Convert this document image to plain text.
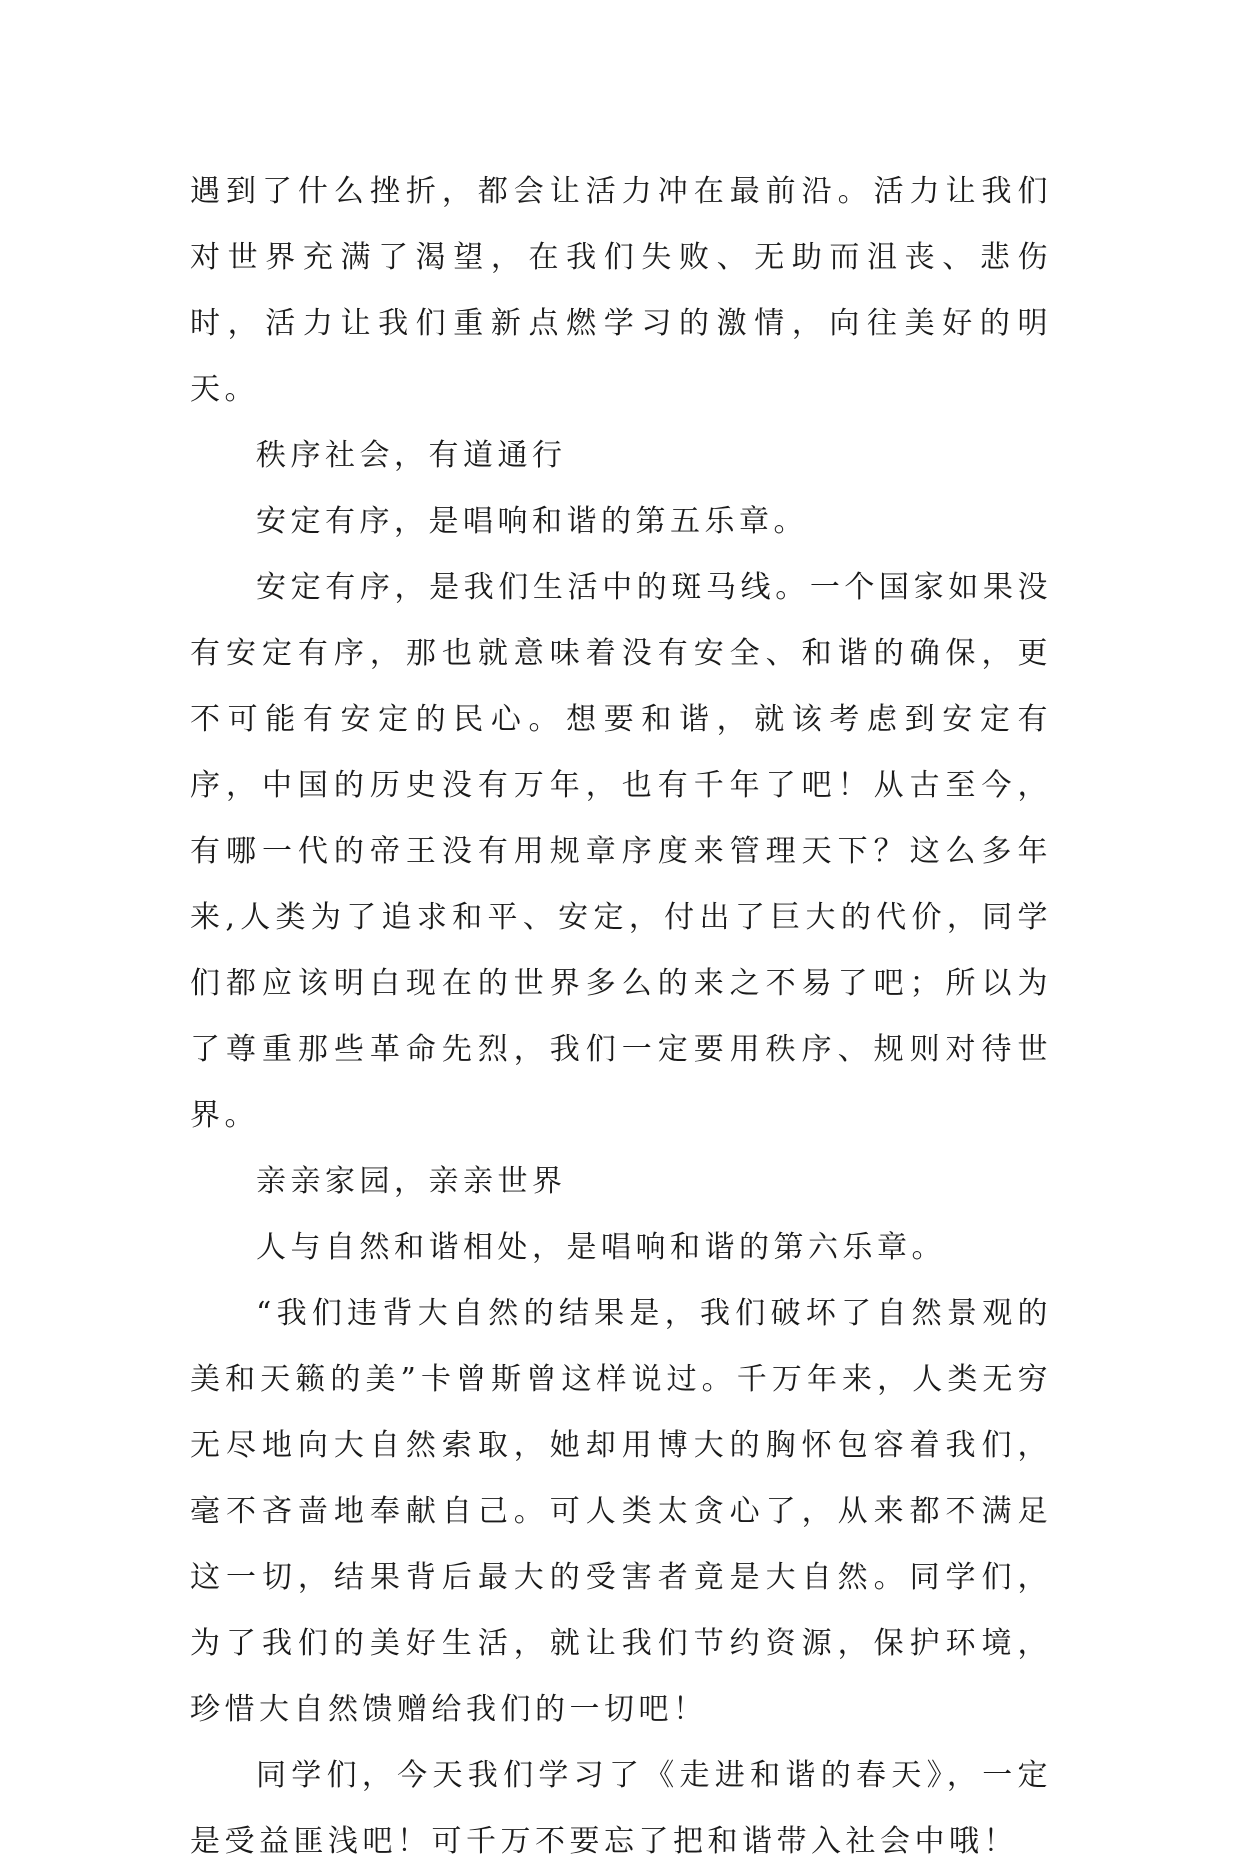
遇到了什么挫折，都会让活力冲在最前沿。活力让我们对世界充满了渴望，在我们失败、无助而沮丧、悲伤时，活力让我们重新点燃学习的激情，向往美好的明天。

秩序社会，有道通行

安定有序，是唱响和谐的第五乐章。

安定有序，是我们生活中的斑马线。一个国家如果没有安定有序，那也就意味着没有安全、和谐的确保，更不可能有安定的民心。想要和谐，就该考虑到安定有序，中国的历史没有万年，也有千年了吧！从古至今，有哪一代的帝王没有用规章序度来管理天下？这么多年来,人类为了追求和平、安定，付出了巨大的代价，同学们都应该明白现在的世界多么的来之不易了吧；所以为了尊重那些革命先烈，我们一定要用秩序、规则对待世界。

亲亲家园，亲亲世界

人与自然和谐相处，是唱响和谐的第六乐章。

“我们违背大自然的结果是，我们破坏了自然景观的美和天籁的美”卡曾斯曾这样说过。千万年来，人类无穷无尽地向大自然索取，她却用博大的胸怀包容着我们，毫不吝啬地奉献自己。可人类太贪心了，从来都不满足这一切，结果背后最大的受害者竟是大自然。同学们，为了我们的美好生活，就让我们节约资源，保护环境，珍惜大自然馈赠给我们的一切吧！

同学们，今天我们学习了《走进和谐的春天》，一定是受益匪浅吧！可千万不要忘了把和谐带入社会中哦！
